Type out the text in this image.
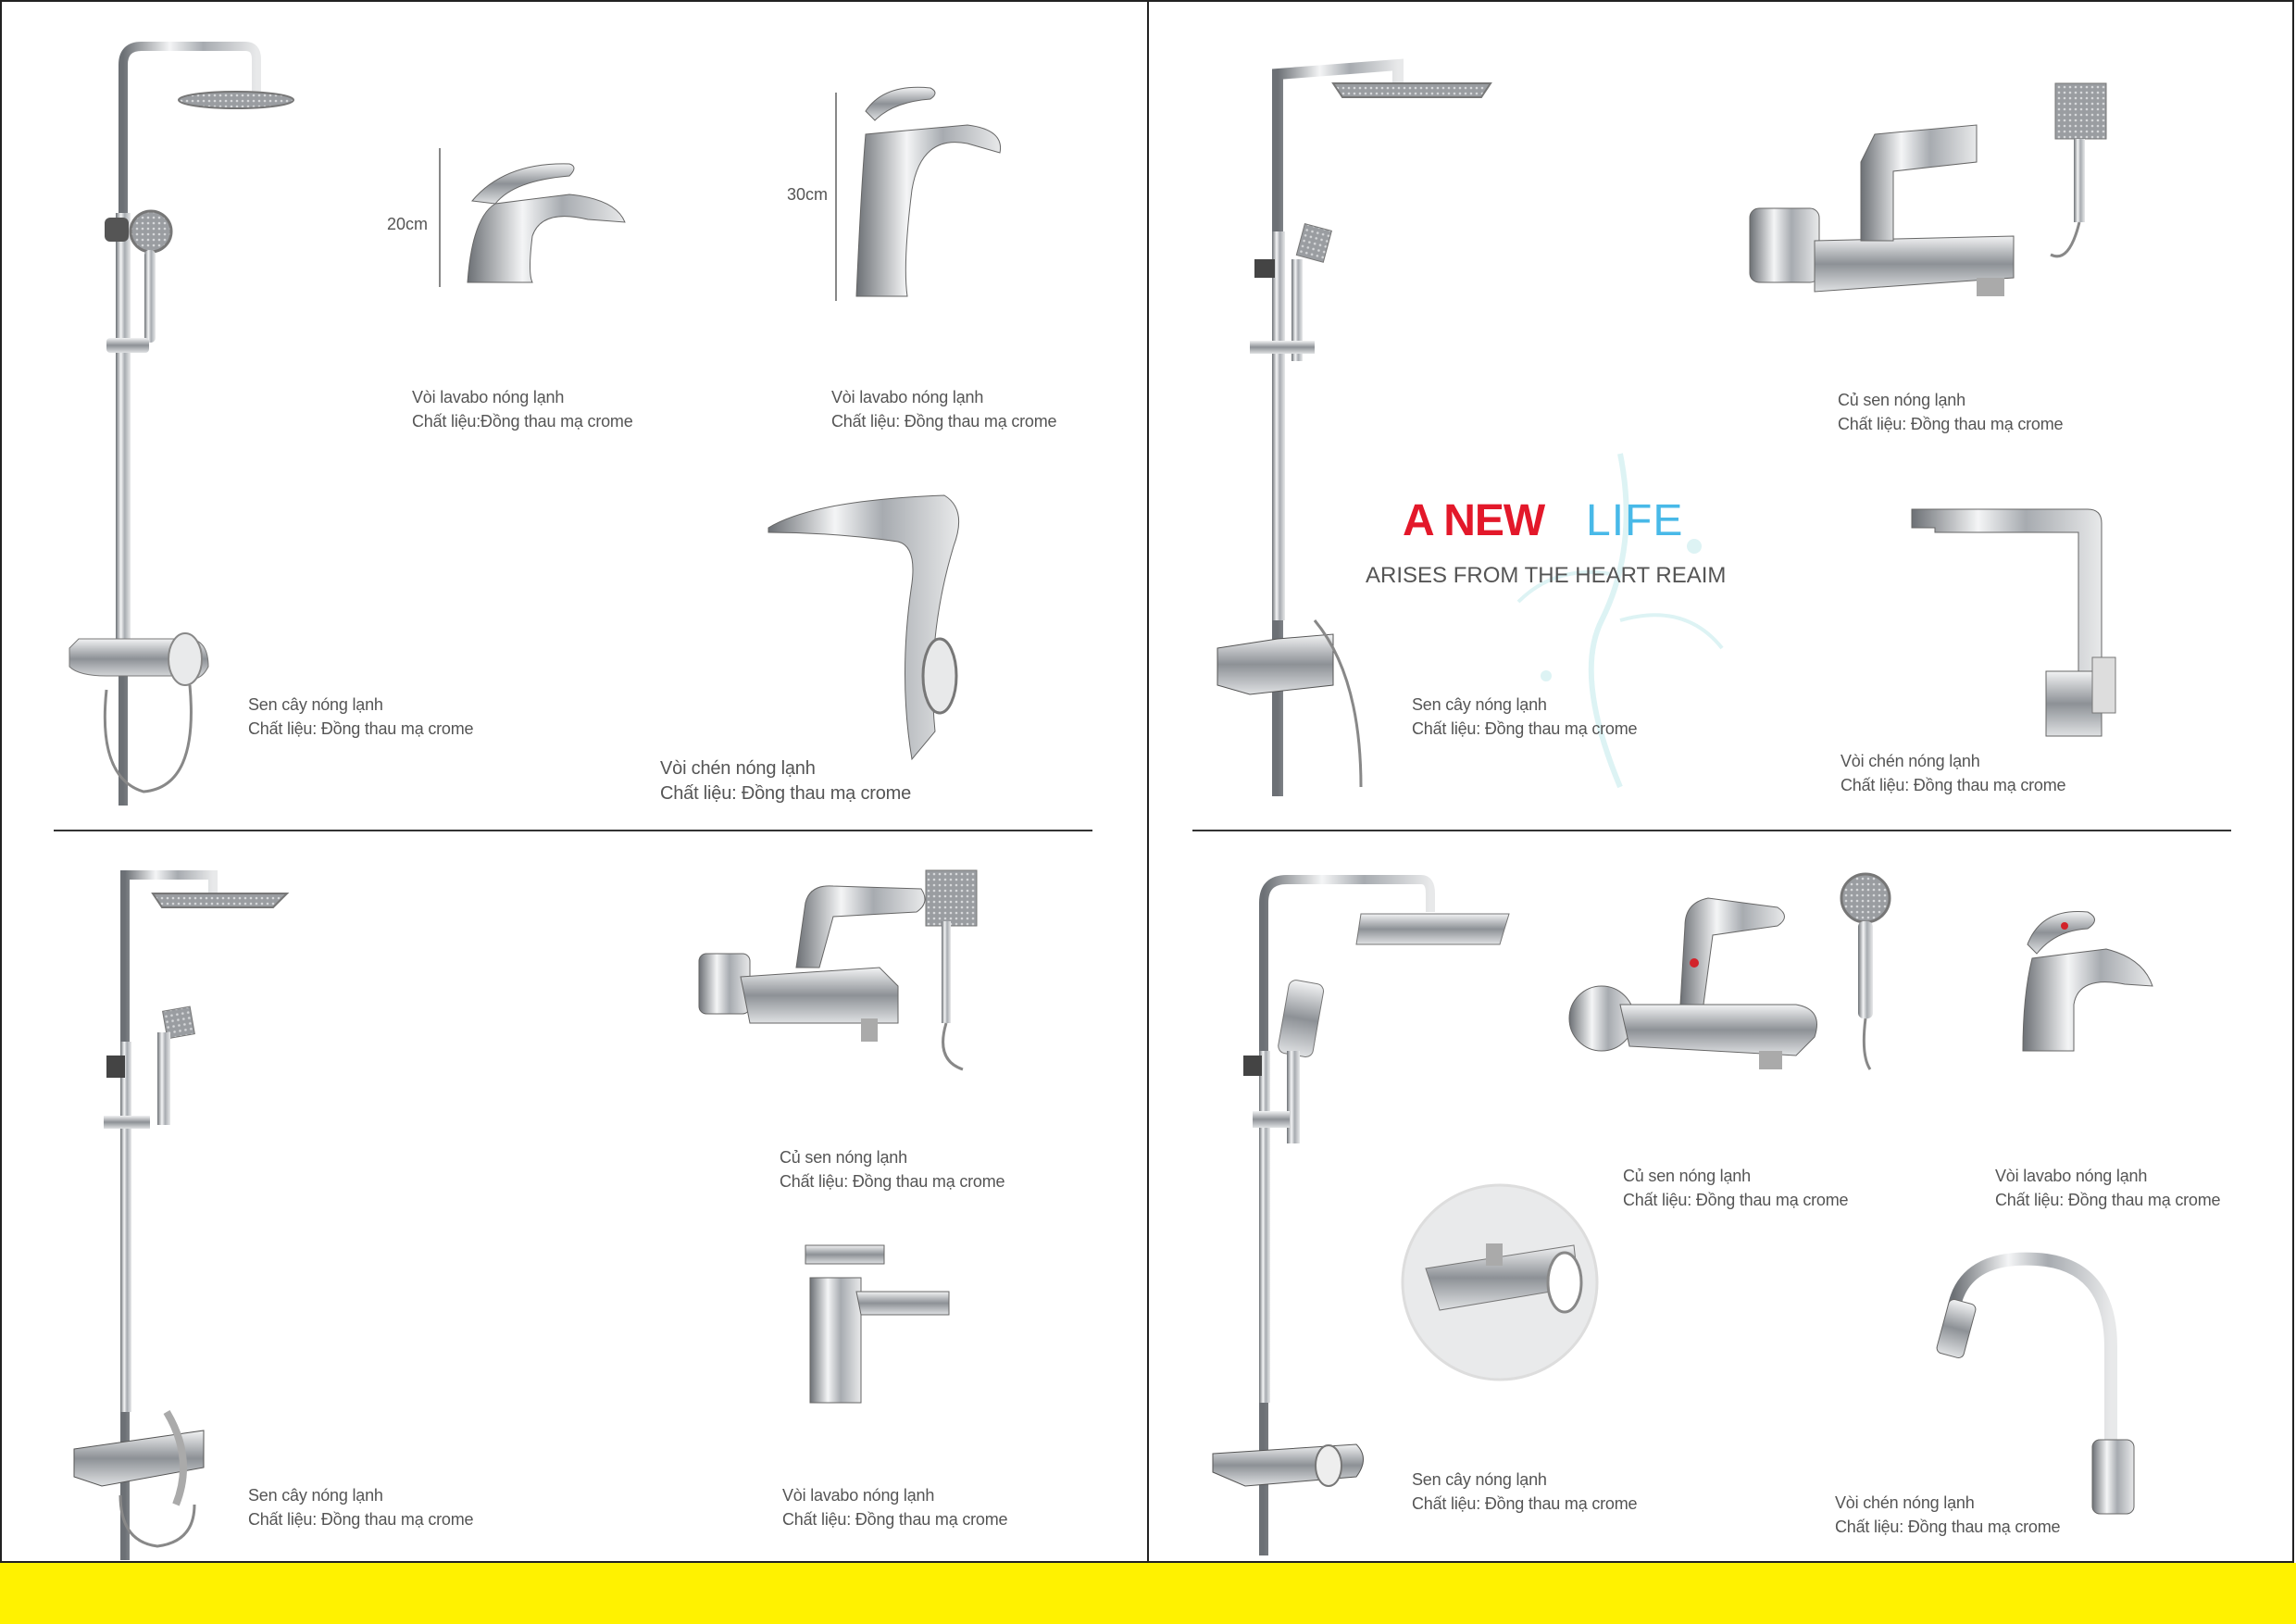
20cm
Vòi lavabo nóng lạnh
Chất liệu:Đồng thau mạ crome
30cm
Vòi lavabo nóng lạnh
Chất liệu: Đồng thau mạ crome
Sen cây nóng lạnh
Chất liệu: Đồng thau mạ crome
Vòi chén nóng lạnh
Chất liệu: Đồng thau mạ crome
Củ sen nóng lạnh
Chất liệu: Đồng thau mạ crome
Sen cây nóng lạnh
Chất liệu: Đồng thau mạ crome
Vòi lavabo nóng lạnh
Chất liệu: Đồng thau mạ crome
A NEW LIFE
ARISES FROM THE HEART REAIM
Củ sen nóng lạnh
Chất liệu: Đồng thau mạ crome
Sen cây nóng lạnh
Chất liệu: Đồng thau mạ crome
Vòi chén nóng lạnh
Chất liệu: Đồng thau mạ crome
Củ sen nóng lạnh
Chất liệu: Đồng thau mạ crome
Vòi lavabo nóng lạnh
Chất liệu: Đồng thau mạ crome
Sen cây nóng lạnh
Chất liệu: Đồng thau mạ crome	Vòi chén nóng lạnh
Chất liệu: Đồng thau mạ crome
